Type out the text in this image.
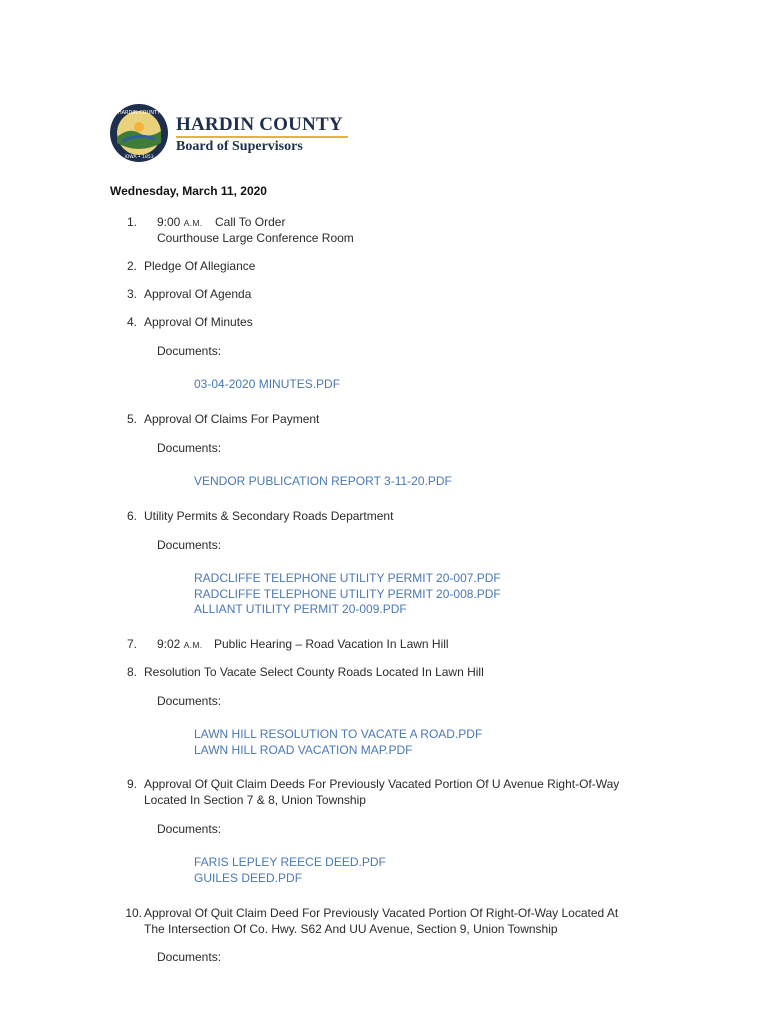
HARDIN COUNTY
IOWA • 1853
HARDIN COUNTY
Board of Supervisors
Wednesday, March 11, 2020
1. 9:00 A.M. Call To Order
Courthouse Large Conference Room
2. Pledge Of Allegiance
3. Approval Of Agenda
4. Approval Of Minutes
Documents:
03-04-2020 MINUTES.PDF
5. Approval Of Claims For Payment
Documents:
VENDOR PUBLICATION REPORT 3-11-20.PDF
6. Utility Permits & Secondary Roads Department
Documents:
RADCLIFFE TELEPHONE UTILITY PERMIT 20-007.PDF
RADCLIFFE TELEPHONE UTILITY PERMIT 20-008.PDF
ALLIANT UTILITY PERMIT 20-009.PDF
7. 9:02 A.M. Public Hearing – Road Vacation In Lawn Hill
8. Resolution To Vacate Select County Roads Located In Lawn Hill
Documents:
LAWN HILL RESOLUTION TO VACATE A ROAD.PDF
LAWN HILL ROAD VACATION MAP.PDF
9. Approval Of Quit Claim Deeds For Previously Vacated Portion Of U Avenue Right-Of-Way
Located In Section 7 & 8, Union Township
Documents:
FARIS LEPLEY REECE DEED.PDF
GUILES DEED.PDF
10. Approval Of Quit Claim Deed For Previously Vacated Portion Of Right-Of-Way Located At
The Intersection Of Co. Hwy. S62 And UU Avenue, Section 9, Union Township
Documents:
